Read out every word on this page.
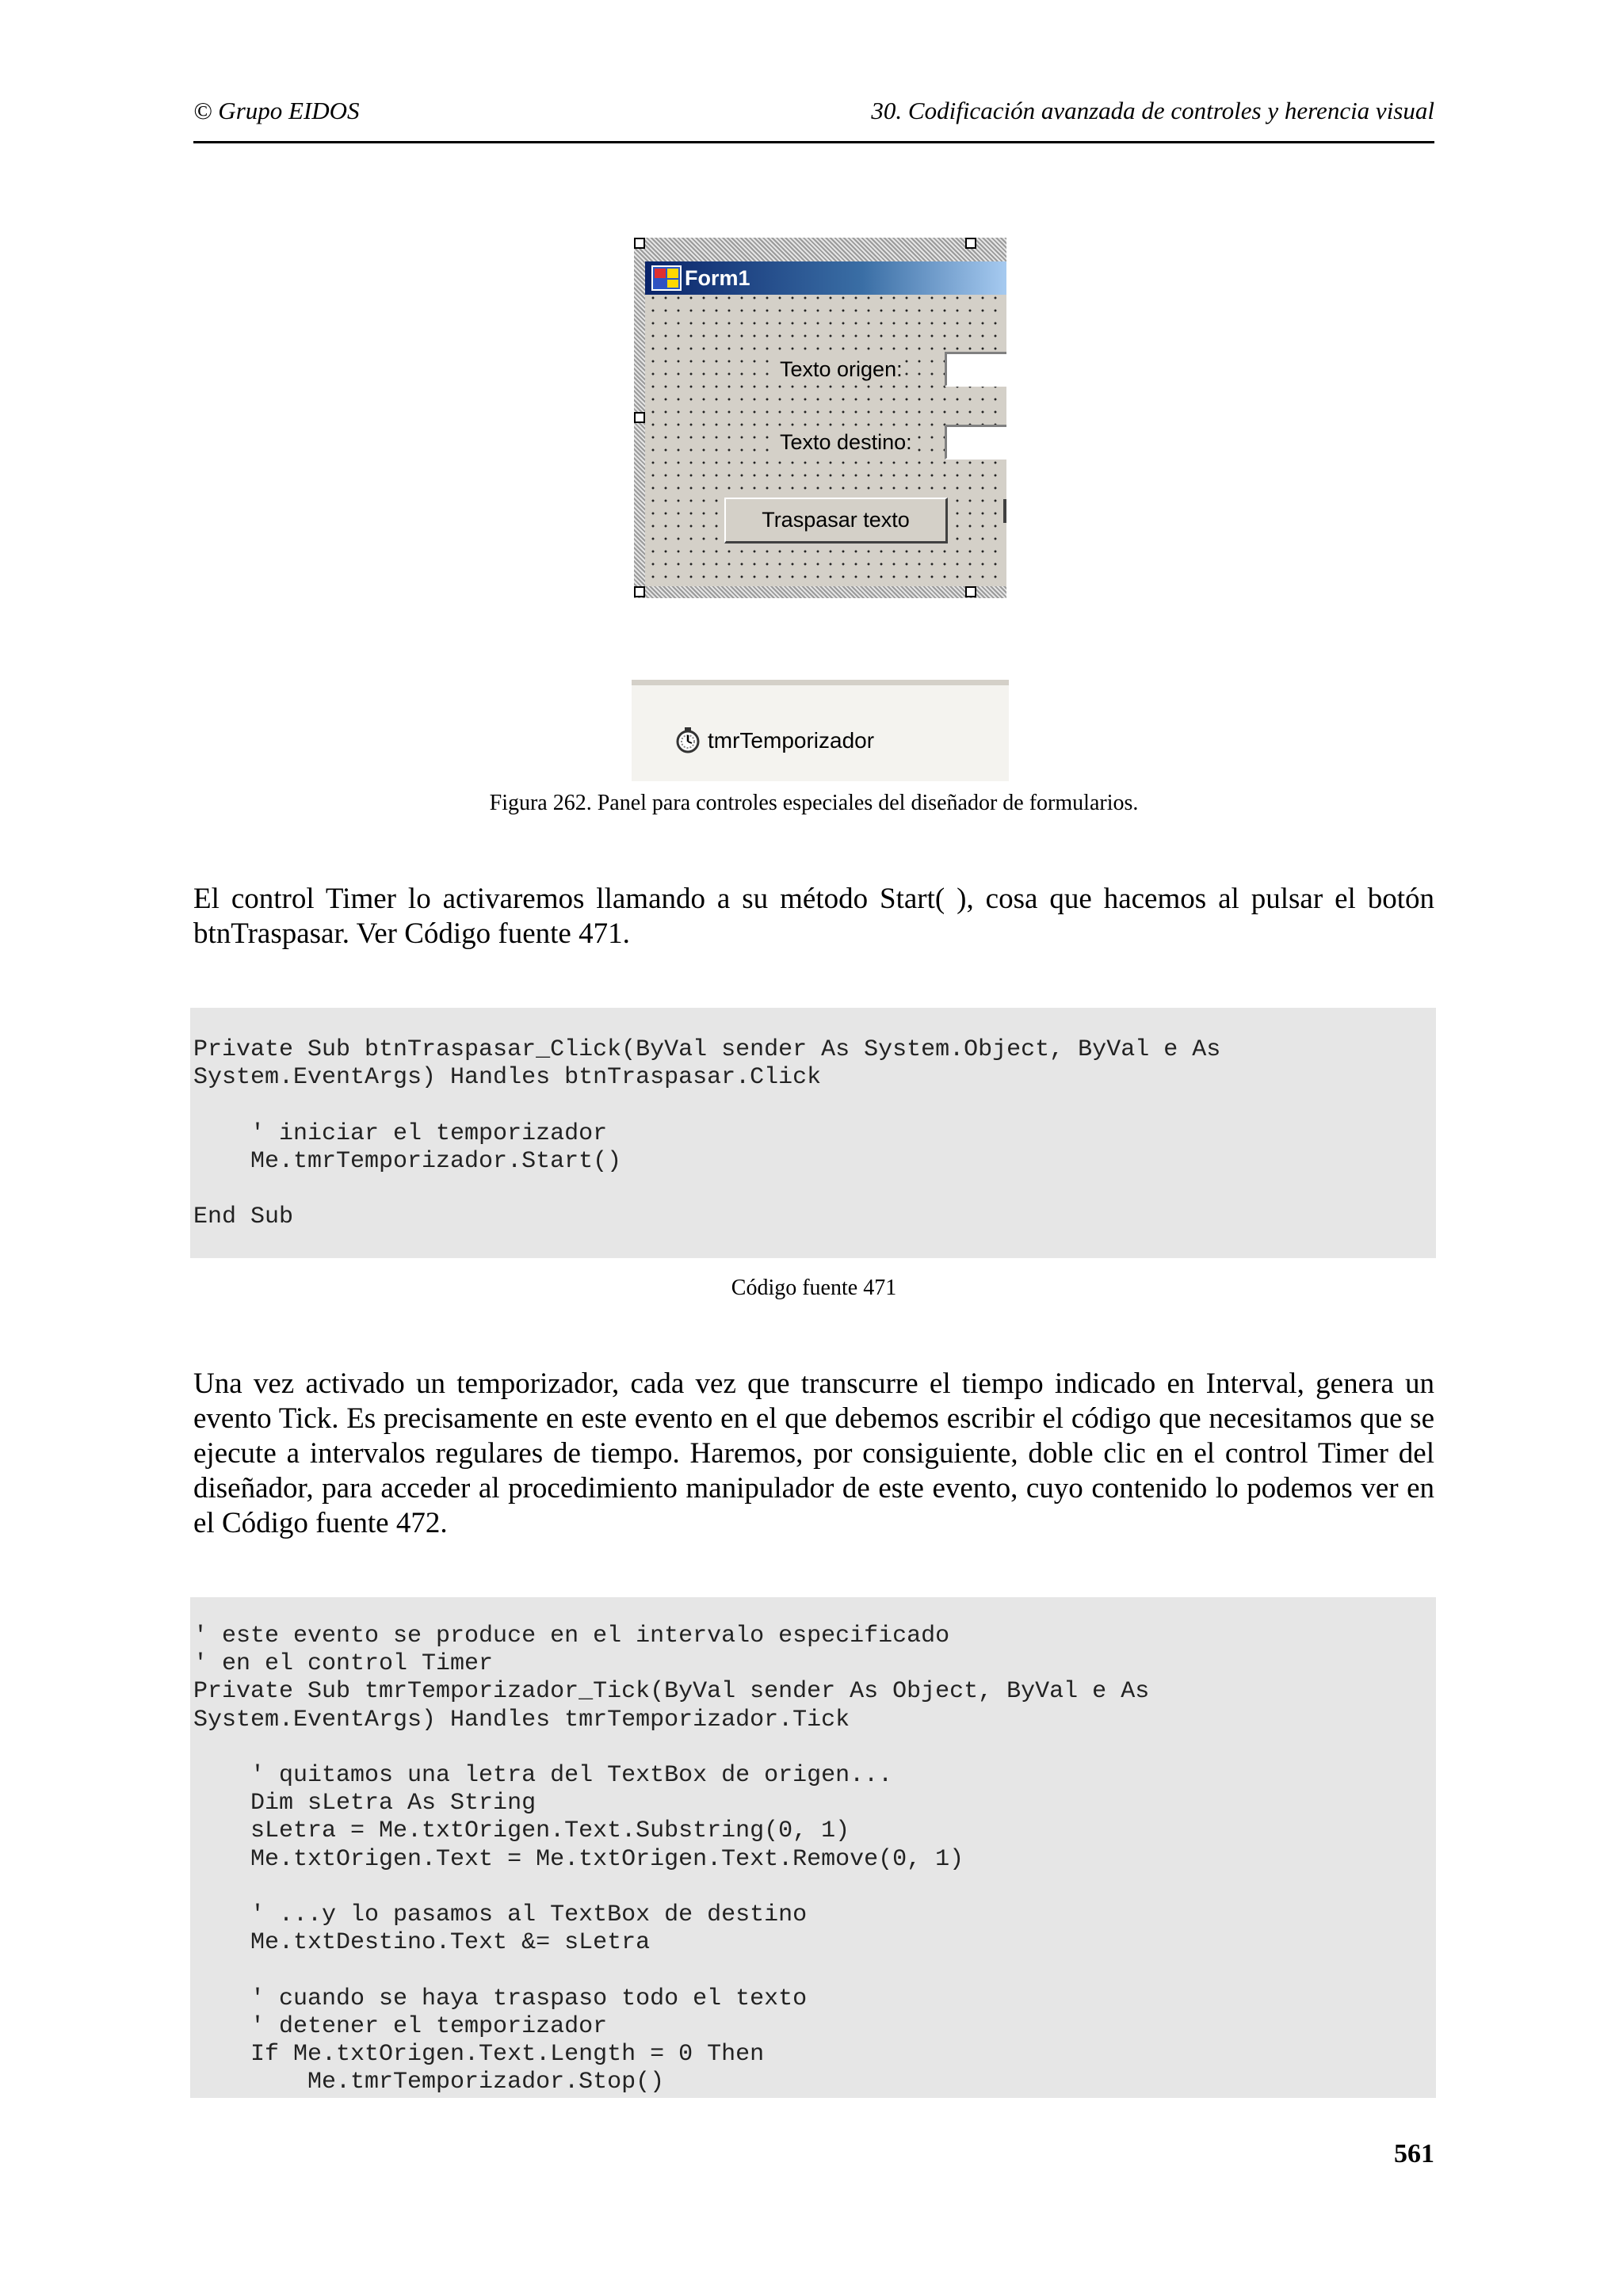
© Grupo EIDOS	30. Codificación avanzada de controles y herencia visual
Form1
Texto origen:
Texto destino:
Traspasar texto
tmrTemporizador
Figura 262. Panel para controles especiales del diseñador de formularios.

El control Timer lo activaremos llamando a su método Start( ), cosa que hacemos al pulsar el botón btnTraspasar. Ver Código fuente 471.

Private Sub btnTraspasar_Click(ByVal sender As System.Object, ByVal e As
System.EventArgs) Handles btnTraspasar.Click

' iniciar el temporizador
Me.tmrTemporizador.Start()

End Sub
Código fuente 471

Una vez activado un temporizador, cada vez que transcurre el tiempo indicado en Interval, genera un evento Tick. Es precisamente en este evento en el que debemos escribir el código que necesitamos que se ejecute a intervalos regulares de tiempo. Haremos, por consiguiente, doble clic en el control Timer del diseñador, para acceder al procedimiento manipulador de este evento, cuyo contenido lo podemos ver en el Código fuente 472.

' este evento se produce en el intervalo especificado
' en el control Timer
Private Sub tmrTemporizador_Tick(ByVal sender As Object, ByVal e As
System.EventArgs) Handles tmrTemporizador.Tick

' quitamos una letra del TextBox de origen...
Dim sLetra As String
sLetra = Me.txtOrigen.Text.Substring(0, 1)
Me.txtOrigen.Text = Me.txtOrigen.Text.Remove(0, 1)

' ...y lo pasamos al TextBox de destino
Me.txtDestino.Text &= sLetra

' cuando se haya traspaso todo el texto
' detener el temporizador
If Me.txtOrigen.Text.Length = 0 Then
Me.tmrTemporizador.Stop()
561
